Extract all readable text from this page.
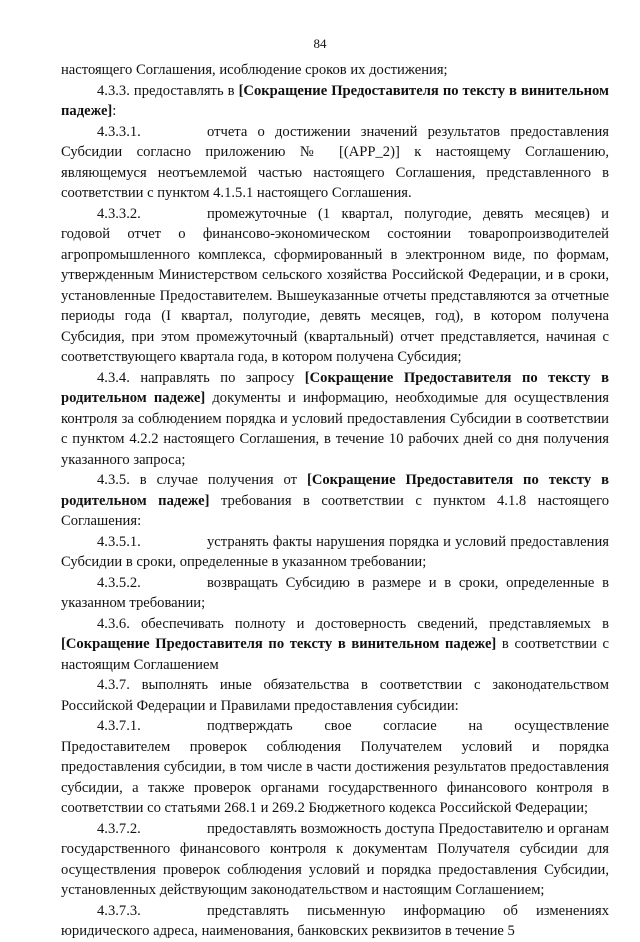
84

настоящего Соглашения, исоблюдение сроков их достижения;

4.3.3. предоставлять в [Сокращение Предоставителя по тексту в винительном падеже]:

4.3.3.1.	отчета о достижении значений результатов предоставления Субсидии согласно приложению № [(APP_2)] к настоящему Соглашению, являющемуся неотъемлемой частью настоящего Соглашения, представленного в соответствии с пунктом 4.1.5.1 настоящего Соглашения.

4.3.3.2.	промежуточные (1 квартал, полугодие, девять месяцев) и годовой отчет о финансово-экономическом состоянии товаропроизводителей агропромышленного комплекса, сформированный в электронном виде, по формам, утвержденным Министерством сельского хозяйства Российской Федерации, и в сроки, установленные Предоставителем. Вышеуказанные отчеты представляются за отчетные периоды года (I квартал, полугодие, девять месяцев, год), в котором получена Субсидия, при этом промежуточный (квартальный) отчет представляется, начиная с соответствующего квартала года, в котором получена Субсидия;

4.3.4. направлять по запросу [Сокращение Предоставителя по тексту в родительном падеже] документы и информацию, необходимые для осуществления контроля за соблюдением порядка и условий предоставления Субсидии в соответствии с пунктом 4.2.2 настоящего Соглашения, в течение 10 рабочих дней со дня получения указанного запроса;

4.3.5. в случае получения от [Сокращение Предоставителя по тексту в родительном падеже] требования в соответствии с пунктом 4.1.8 настоящего Соглашения:

4.3.5.1.	устранять факты нарушения порядка и условий предоставления Субсидии в сроки, определенные в указанном требовании;

4.3.5.2.	возвращать Субсидию в размере и в сроки, определенные в указанном требовании;

4.3.6. обеспечивать полноту и достоверность сведений, представляемых в [Сокращение Предоставителя по тексту в винительном падеже] в соответствии с настоящим Соглашением

4.3.7. выполнять иные обязательства в соответствии с законодательством Российской Федерации и Правилами предоставления субсидии:

4.3.7.1.	подтверждать свое согласие на осуществление Предоставителем проверок соблюдения Получателем условий и порядка предоставления субсидии, в том числе в части достижения результатов предоставления субсидии, а также проверок органами государственного финансового контроля в соответствии со статьями 268.1 и 269.2 Бюджетного кодекса Российской Федерации;

4.3.7.2.	предоставлять возможность доступа Предоставителю и органам государственного финансового контроля к документам Получателя субсидии для осуществления проверок соблюдения условий и порядка предоставления Субсидии, установленных действующим законодательством и настоящим Соглашением;

4.3.7.3.	представлять письменную информацию об изменениях юридического адреса, наименования, банковских реквизитов в течение 5
